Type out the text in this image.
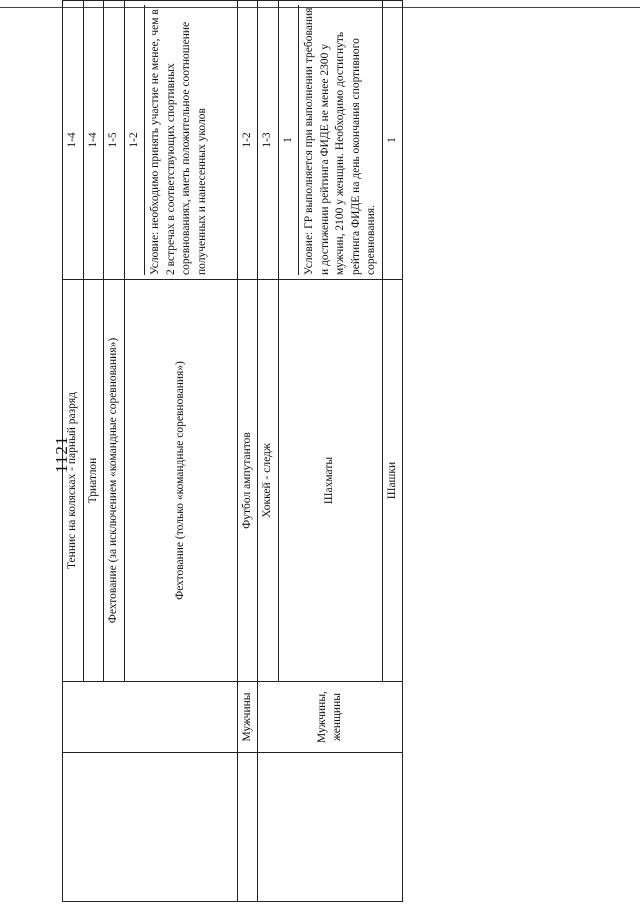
1121
		Теннис на колясках - парный разряд	1-4
		Триатлон	1-4
		Фехтование (за исключением «командные соревнования»)	1-5
		Фехтование (только «командные соревнования»)	1-2 Условие: необходимо принять участие не менее, чем в 2 встречах в соответствующих спортивных соревнованиях, иметь положительное соотношение полученных и нанесенных уколов

	Мужчины	Футбол ампутантов	1-2
	Мужчины, женщины	Хоккей - следж	1-3
		Шахматы	1 Условие: ГР выполняется при выполнении требования и достижении рейтинга ФИДЕ не менее 2300 у мужчин, 2100 у женщин. Необходимо достигнуть рейтинга ФИДЕ на день окончания спортивного соревнования.

		Шашки	1
